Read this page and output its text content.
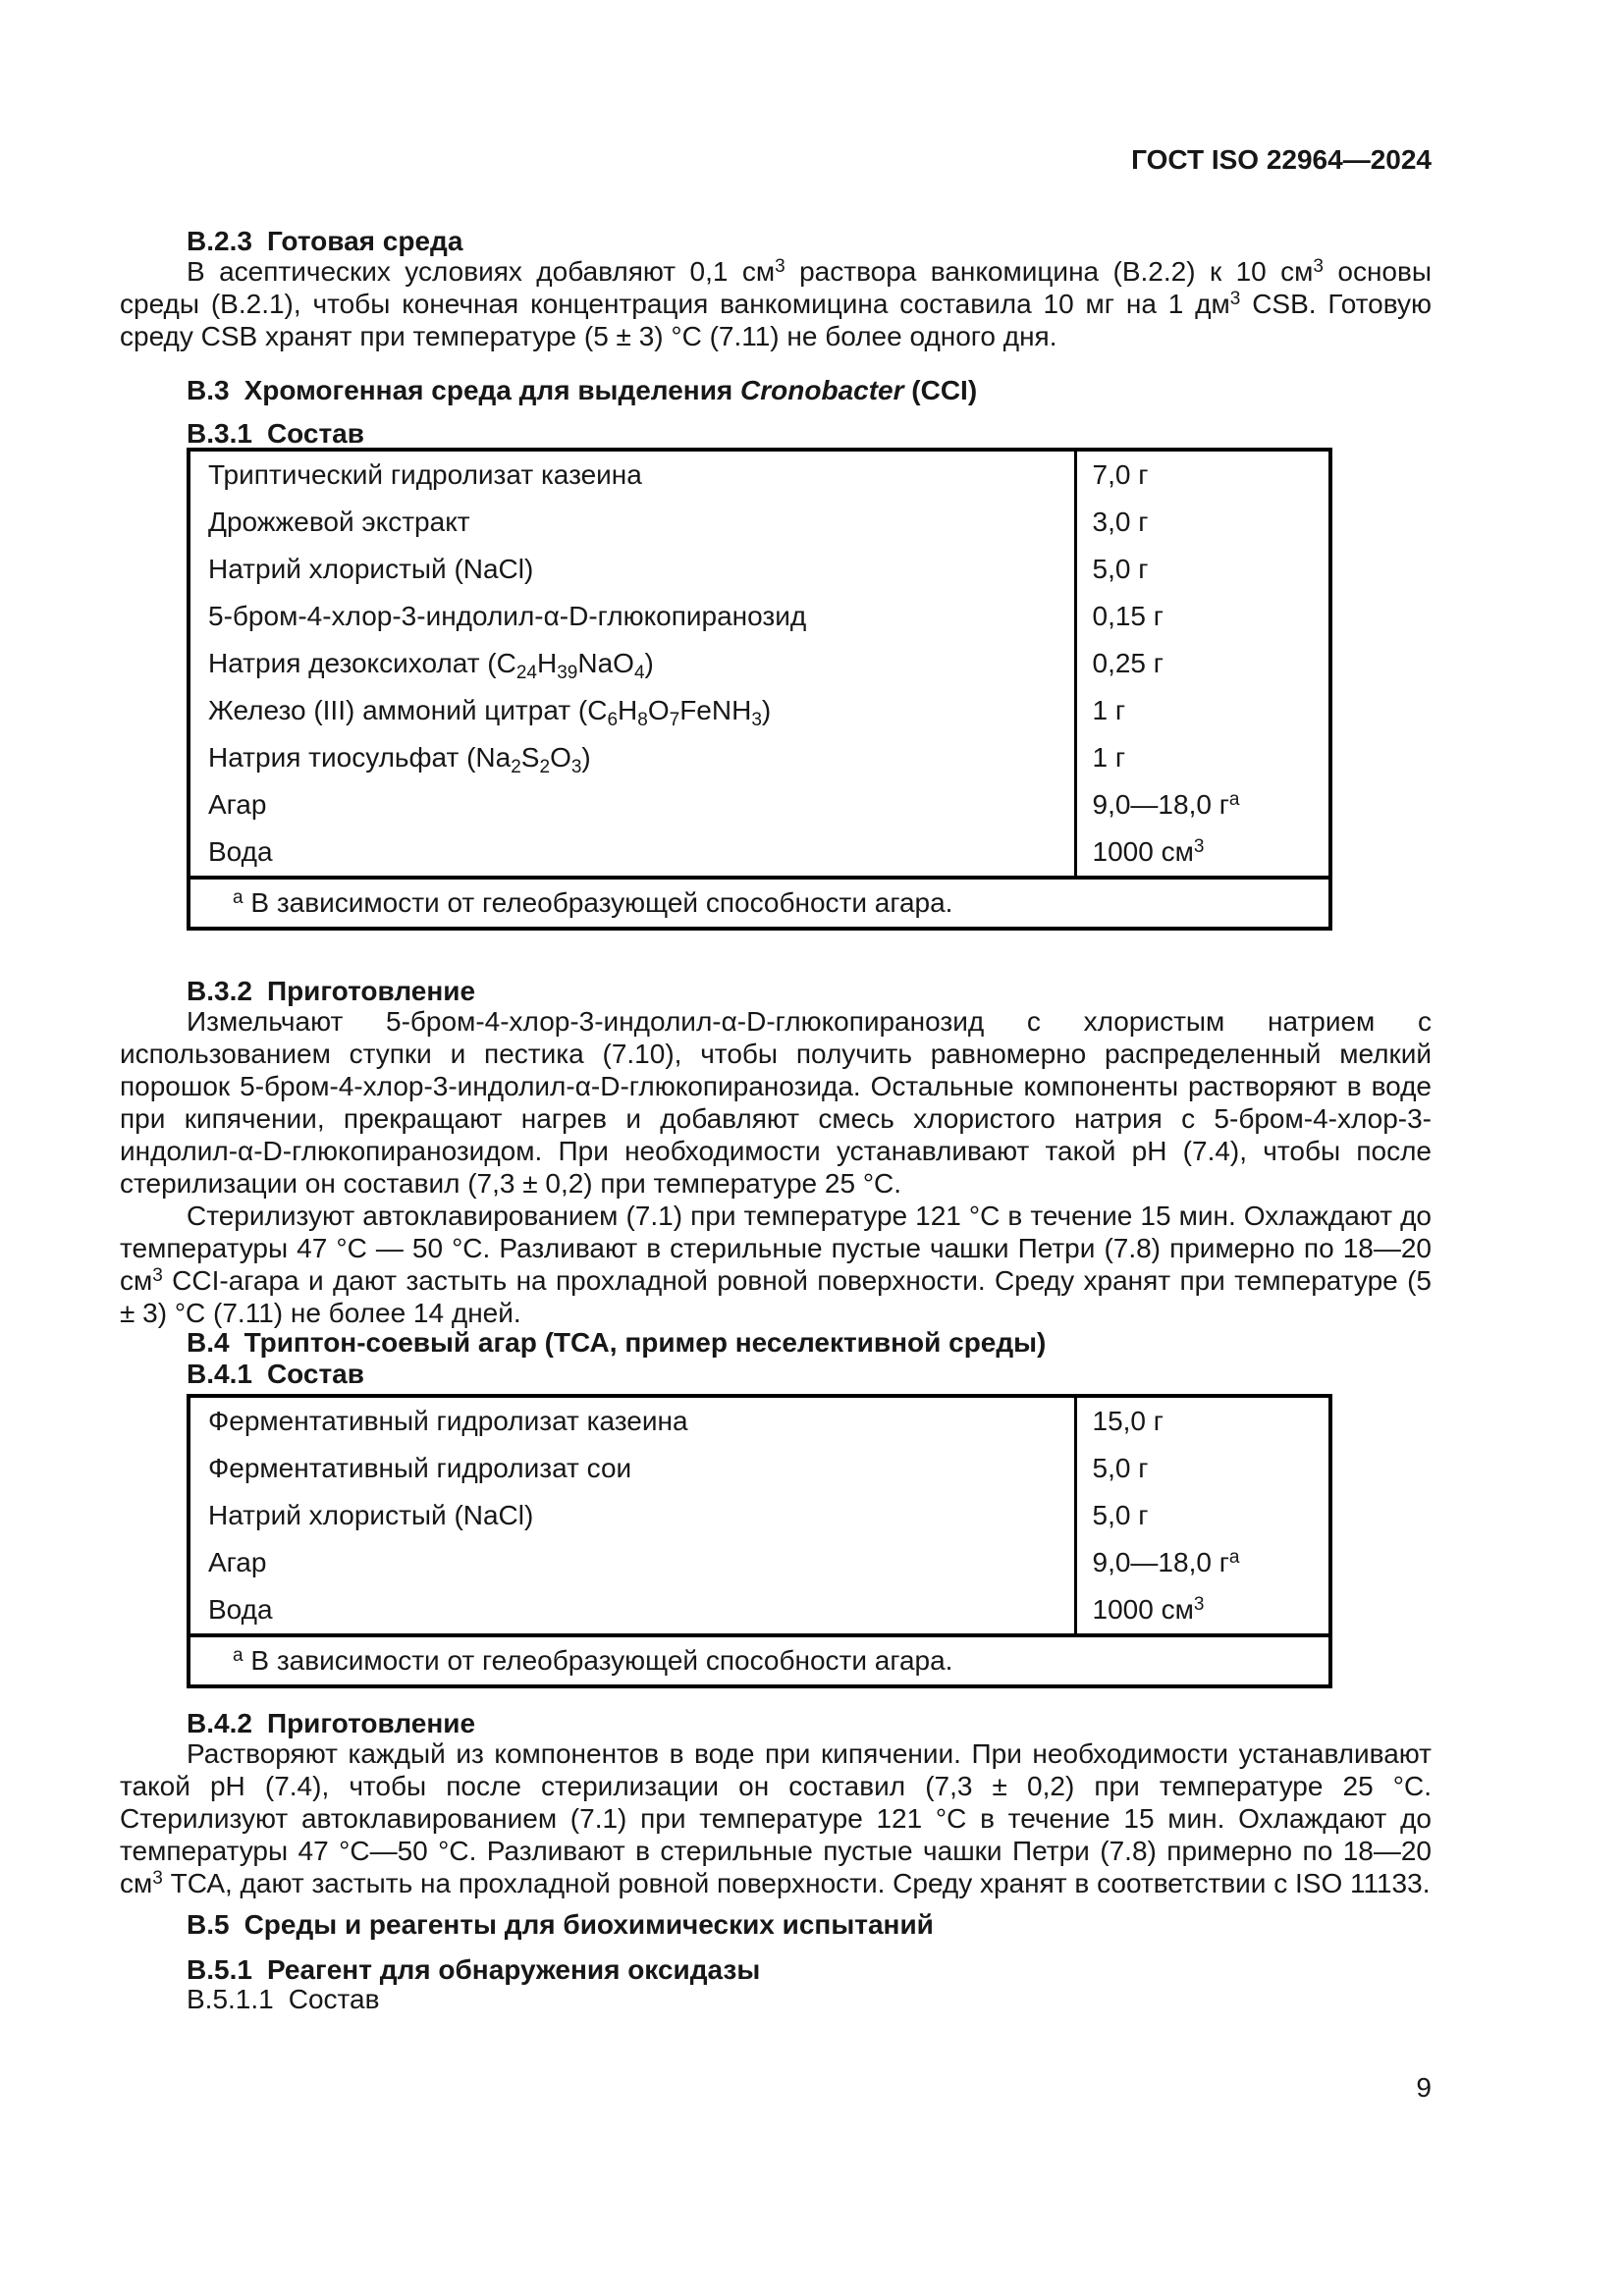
ГОСТ ISO 22964—2024
В.2.3 Готовая среда

В асептических условиях добавляют 0,1 $см^3$ раствора ванкомицина (В.2.2) к 10 $см^3$ основы среды (В.2.1), чтобы конечная концентрация ванкомицина составила 10 мг на 1 $дм^3$ CSB. Готовую среду CSB хранят при температуре (5 ± 3) °С (7.11) не более одного дня.

В.3 Хромогенная среда для выделения Cronobacter (CCI)
В.3.1 Состав
Триптический гидролизат казеина	7,0 г
Дрожжевой экстракт	3,0 г
Натрий хлористый (NaCl)	5,0 г
5-бром-4-хлор-3-индолил-α-D-глюкопиранозид	0,15 г
Натрия дезоксихолат $(C_{24}H_{39}NaO_4)$	0,25 г
Железо (III) аммоний цитрат $(C_6H_8O_7FeNH_3)$	1 г
Натрия тиосульфат $(Na_2S_2O_3)$	1 г
Агар	9,0—18,0 $г^а$
Вода	1000 $см^3$
$^а$ В зависимости от гелеобразующей способности агара.	
В.3.2 Приготовление

Измельчают 5-бром-4-хлор-3-индолил-α-D-глюкопиранозид с хлористым натрием с использованием ступки и пестика (7.10), чтобы получить равномерно распределенный мелкий порошок 5-бром-4-хлор-3-индолил-α-D-глюкопиранозида. Остальные компоненты растворяют в воде при кипячении, прекращают нагрев и добавляют смесь хлористого натрия с 5-бром-4-хлор-3-индолил-α-D-глюкопиранозидом. При необходимости устанавливают такой pH (7.4), чтобы после стерилизации он составил (7,3 ± 0,2) при температуре 25 °С.

Стерилизуют автоклавированием (7.1) при температуре 121 °С в течение 15 мин. Охлаждают до температуры 47 °С — 50 °С. Разливают в стерильные пустые чашки Петри (7.8) примерно по 18—20 $см^3$ CCI-агара и дают застыть на прохладной ровной поверхности. Среду хранят при температуре (5 ± 3) °С (7.11) не более 14 дней.

В.4 Триптон-соевый агар (ТСА, пример неселективной среды)
В.4.1 Состав
Ферментативный гидролизат казеина	15,0 г
Ферментативный гидролизат сои	5,0 г
Натрий хлористый (NaCl)	5,0 г
Агар	9,0—18,0 $г^а$
Вода	1000 $см^3$
$^а$ В зависимости от гелеобразующей способности агара.	
В.4.2 Приготовление

Растворяют каждый из компонентов в воде при кипячении. При необходимости устанавливают такой pH (7.4), чтобы после стерилизации он составил (7,3 ± 0,2) при температуре 25 °С. Стерилизуют автоклавированием (7.1) при температуре 121 °С в течение 15 мин. Охлаждают до температуры 47 °С—50 °С. Разливают в стерильные пустые чашки Петри (7.8) примерно по 18—20 $см^3$ ТСА, дают застыть на прохладной ровной поверхности. Среду хранят в соответствии с ISO 11133.

В.5 Среды и реагенты для биохимических испытаний
В.5.1 Реагент для обнаружения оксидазы
В.5.1.1 Состав
9
